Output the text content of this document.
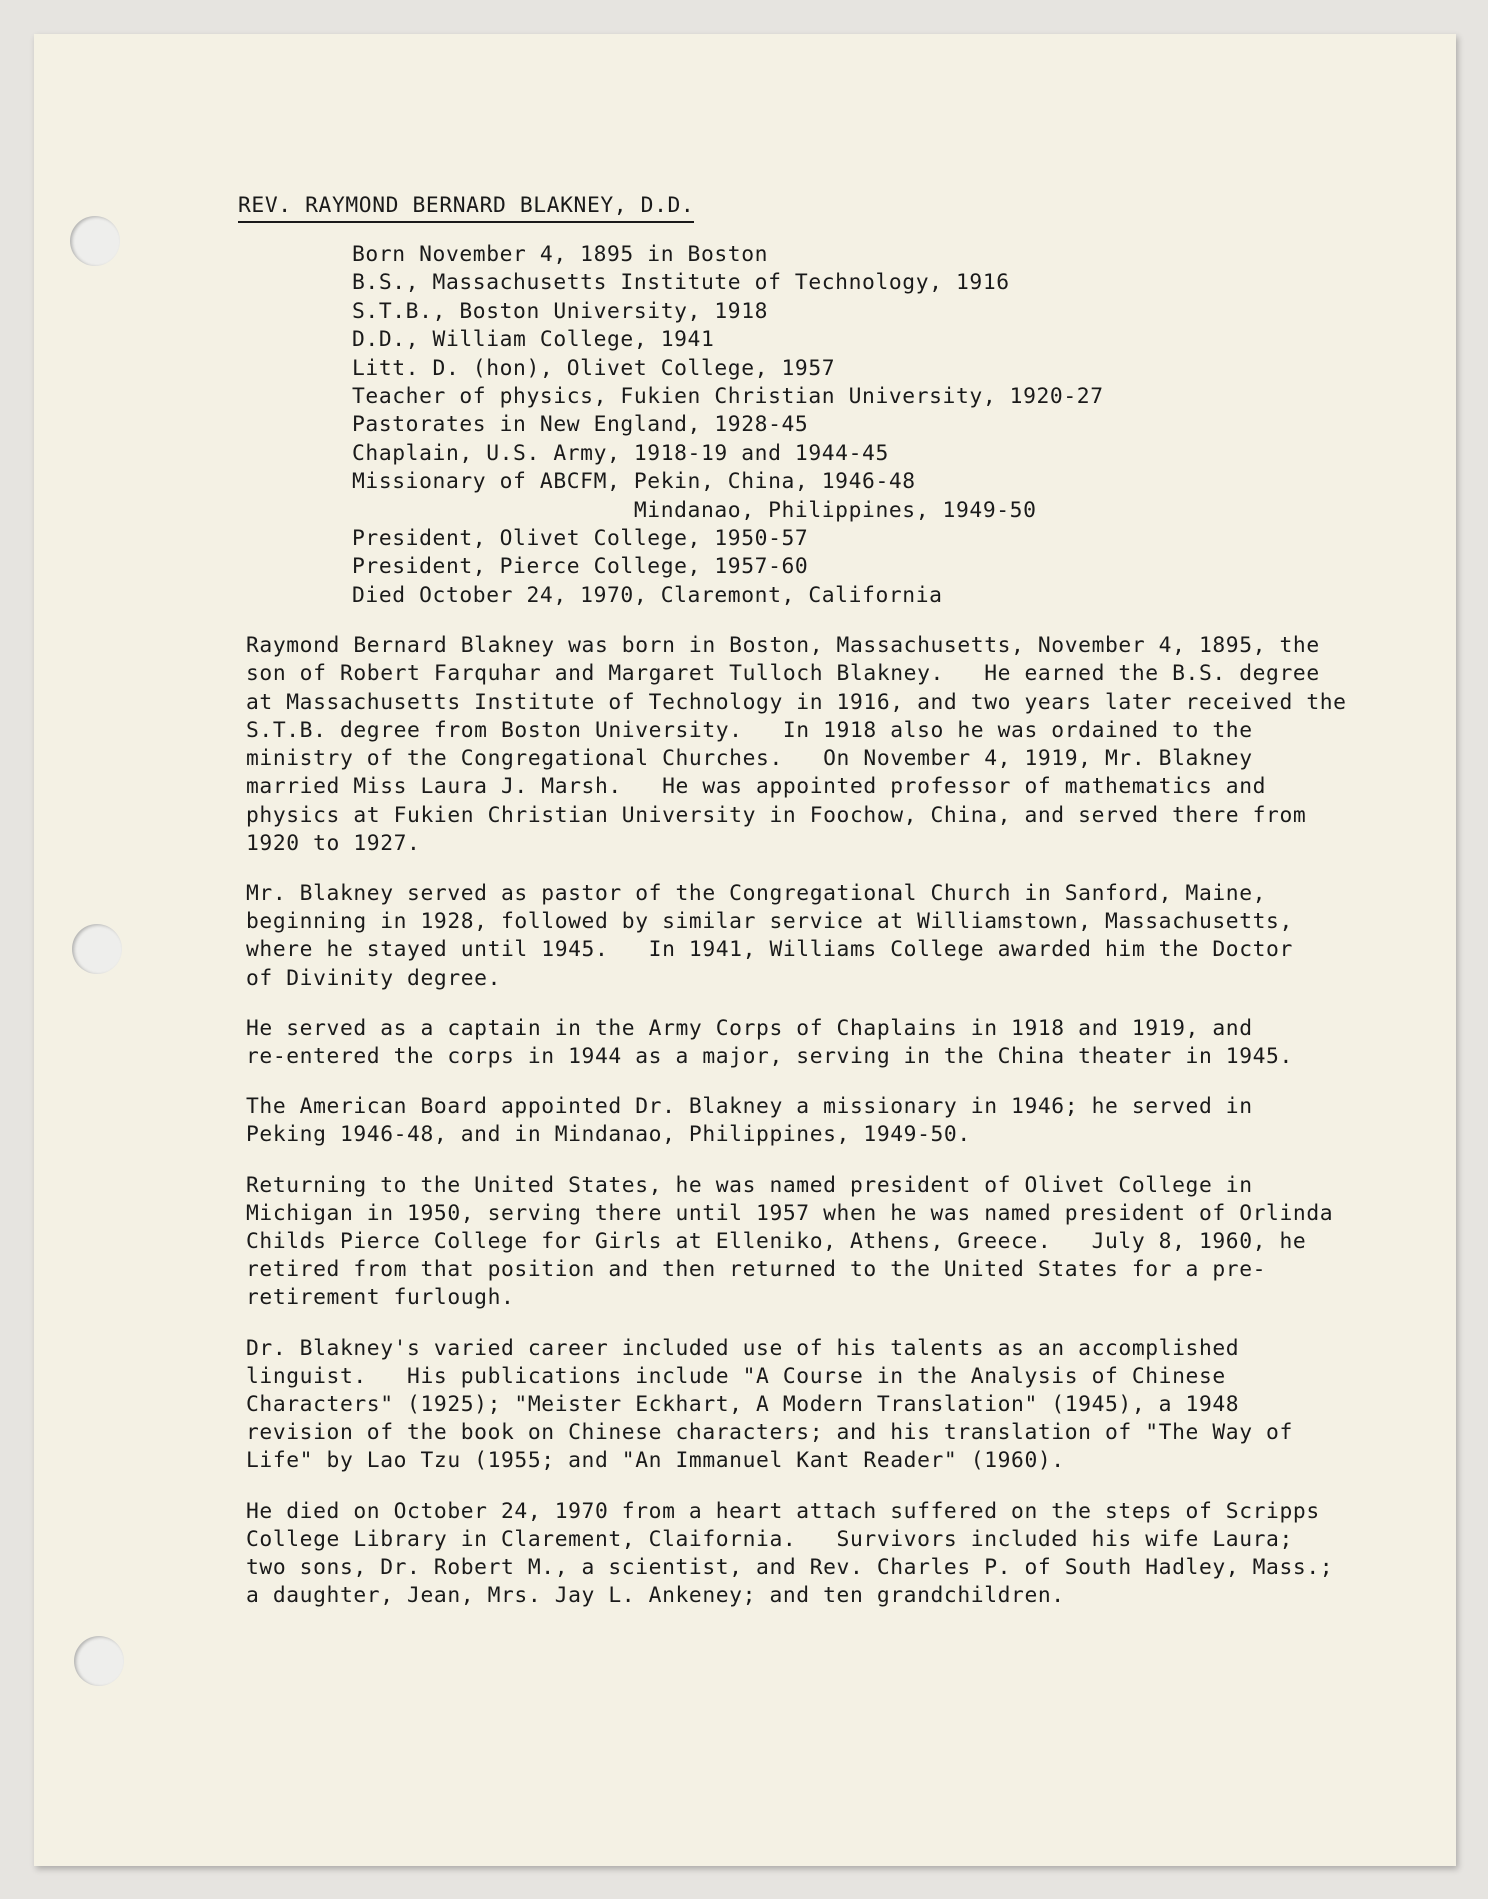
REV. RAYMOND BERNARD BLAKNEY, D.D.
Born November 4, 1895 in Boston
B.S., Massachusetts Institute of Technology, 1916
S.T.B., Boston University, 1918
D.D., William College, 1941
Litt. D. (hon), Olivet College, 1957
Teacher of physics, Fukien Christian University, 1920-27
Pastorates in New England, 1928-45
Chaplain, U.S. Army, 1918-19 and 1944-45
Missionary of ABCFM, Pekin, China, 1946-48
Mindanao, Philippines, 1949-50
President, Olivet College, 1950-57
President, Pierce College, 1957-60
Died October 24, 1970, Claremont, California
Raymond Bernard Blakney was born in Boston, Massachusetts, November 4, 1895, the
son of Robert Farquhar and Margaret Tulloch Blakney.   He earned the B.S. degree
at Massachusetts Institute of Technology in 1916, and two years later received the
S.T.B. degree from Boston University.   In 1918 also he was ordained to the
ministry of the Congregational Churches.   On November 4, 1919, Mr. Blakney
married Miss Laura J. Marsh.   He was appointed professor of mathematics and
physics at Fukien Christian University in Foochow, China, and served there from
1920 to 1927.
Mr. Blakney served as pastor of the Congregational Church in Sanford, Maine,
beginning in 1928, followed by similar service at Williamstown, Massachusetts,
where he stayed until 1945.   In 1941, Williams College awarded him the Doctor
of Divinity degree.
He served as a captain in the Army Corps of Chaplains in 1918 and 1919, and
re-entered the corps in 1944 as a major, serving in the China theater in 1945.
The American Board appointed Dr. Blakney a missionary in 1946; he served in
Peking 1946-48, and in Mindanao, Philippines, 1949-50.
Returning to the United States, he was named president of Olivet College in
Michigan in 1950, serving there until 1957 when he was named president of Orlinda
Childs Pierce College for Girls at Elleniko, Athens, Greece.   July 8, 1960, he
retired from that position and then returned to the United States for a pre-
retirement furlough.
Dr. Blakney's varied career included use of his talents as an accomplished
linguist.   His publications include "A Course in the Analysis of Chinese
Characters" (1925); "Meister Eckhart, A Modern Translation" (1945), a 1948
revision of the book on Chinese characters; and his translation of "The Way of
Life" by Lao Tzu (1955; and "An Immanuel Kant Reader" (1960).
He died on October 24, 1970 from a heart attach suffered on the steps of Scripps
College Library in Clarement, Claifornia.   Survivors included his wife Laura;
two sons, Dr. Robert M., a scientist, and Rev. Charles P. of South Hadley, Mass.;
a daughter, Jean, Mrs. Jay L. Ankeney; and ten grandchildren.
